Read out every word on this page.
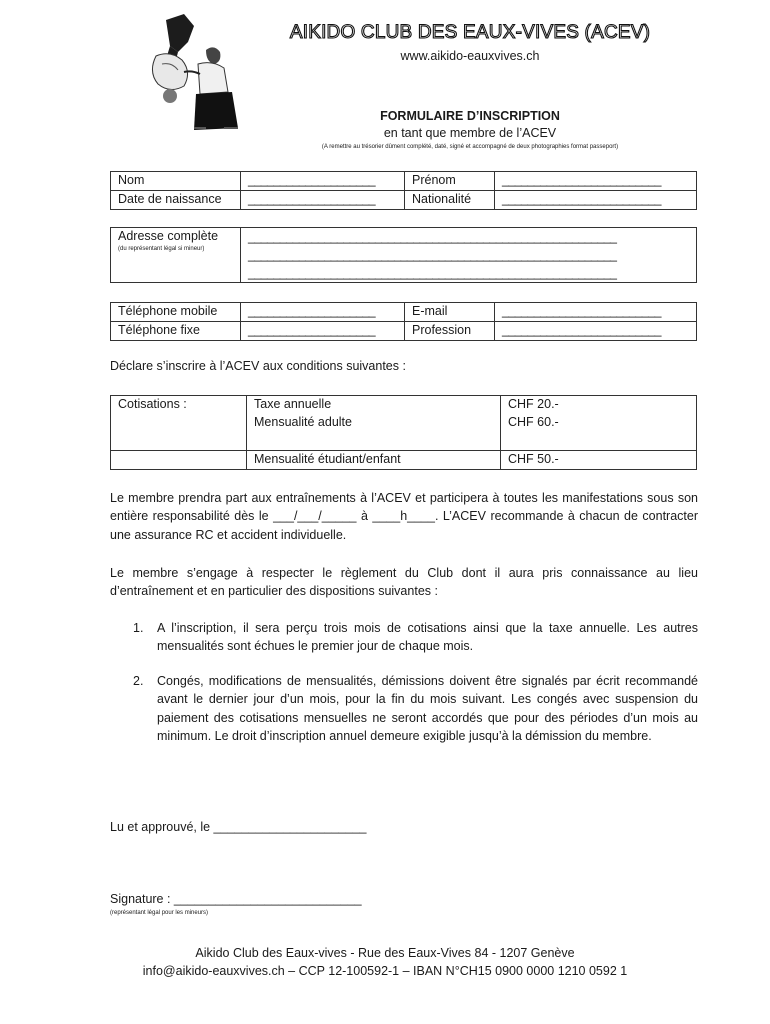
AIKIDO CLUB DES EAUX-VIVES (ACEV)
www.aikido-eauxvives.ch
FORMULAIRE D’INSCRIPTION
en tant que membre de l’ACEV
(A remettre au trésorier dûment complété, daté, signé et accompagné de deux photographies format passeport)
Nom	____________________	Prénom	_________________________
Date de naissance	____________________	Nationalité	_________________________
Adresse complète
(du représentant légal si mineur)

__________________________________________________________
__________________________________________________________
__________________________________________________________
Téléphone mobile	____________________	E-mail	_________________________
Téléphone fixe	____________________	Profession	_________________________
Déclare s’inscrire à l’ACEV aux conditions suivantes :
Cotisations :	Taxe annuelle	CHF 20.-
	Mensualité adulte	CHF 60.-
	Mensualité étudiant/enfant	CHF 50.-
Le membre prendra part aux entraînements à l’ACEV et participera à toutes les manifestations sous son entière responsabilité dès le ___/___/_____ à ____h____. L’ACEV recommande à chacun de contracter une assurance RC et accident individuelle.
Le membre s’engage à respecter le règlement du Club dont il aura pris connaissance au lieu d’entraînement et en particulier des dispositions suivantes :
1. A l’inscription, il sera perçu trois mois de cotisations ainsi que la taxe annuelle. Les autres mensualités sont échues le premier jour de chaque mois.
2. Congés, modifications de mensualités, démissions doivent être signalés par écrit recommandé avant le dernier jour d’un mois, pour la fin du mois suivant. Les congés avec suspension du paiement des cotisations mensuelles ne seront accordés que pour des périodes d’un mois au minimum. Le droit d’inscription annuel demeure exigible jusqu’à la démission du membre.
Lu et approuvé, le ______________________
Signature : ___________________________
(représentant légal pour les mineurs)
Aikido Club des Eaux-vives - Rue des Eaux-Vives 84 - 1207 Genève
info@aikido-eauxvives.ch – CCP 12-100592-1 – IBAN N°CH15 0900 0000 1210 0592 1
